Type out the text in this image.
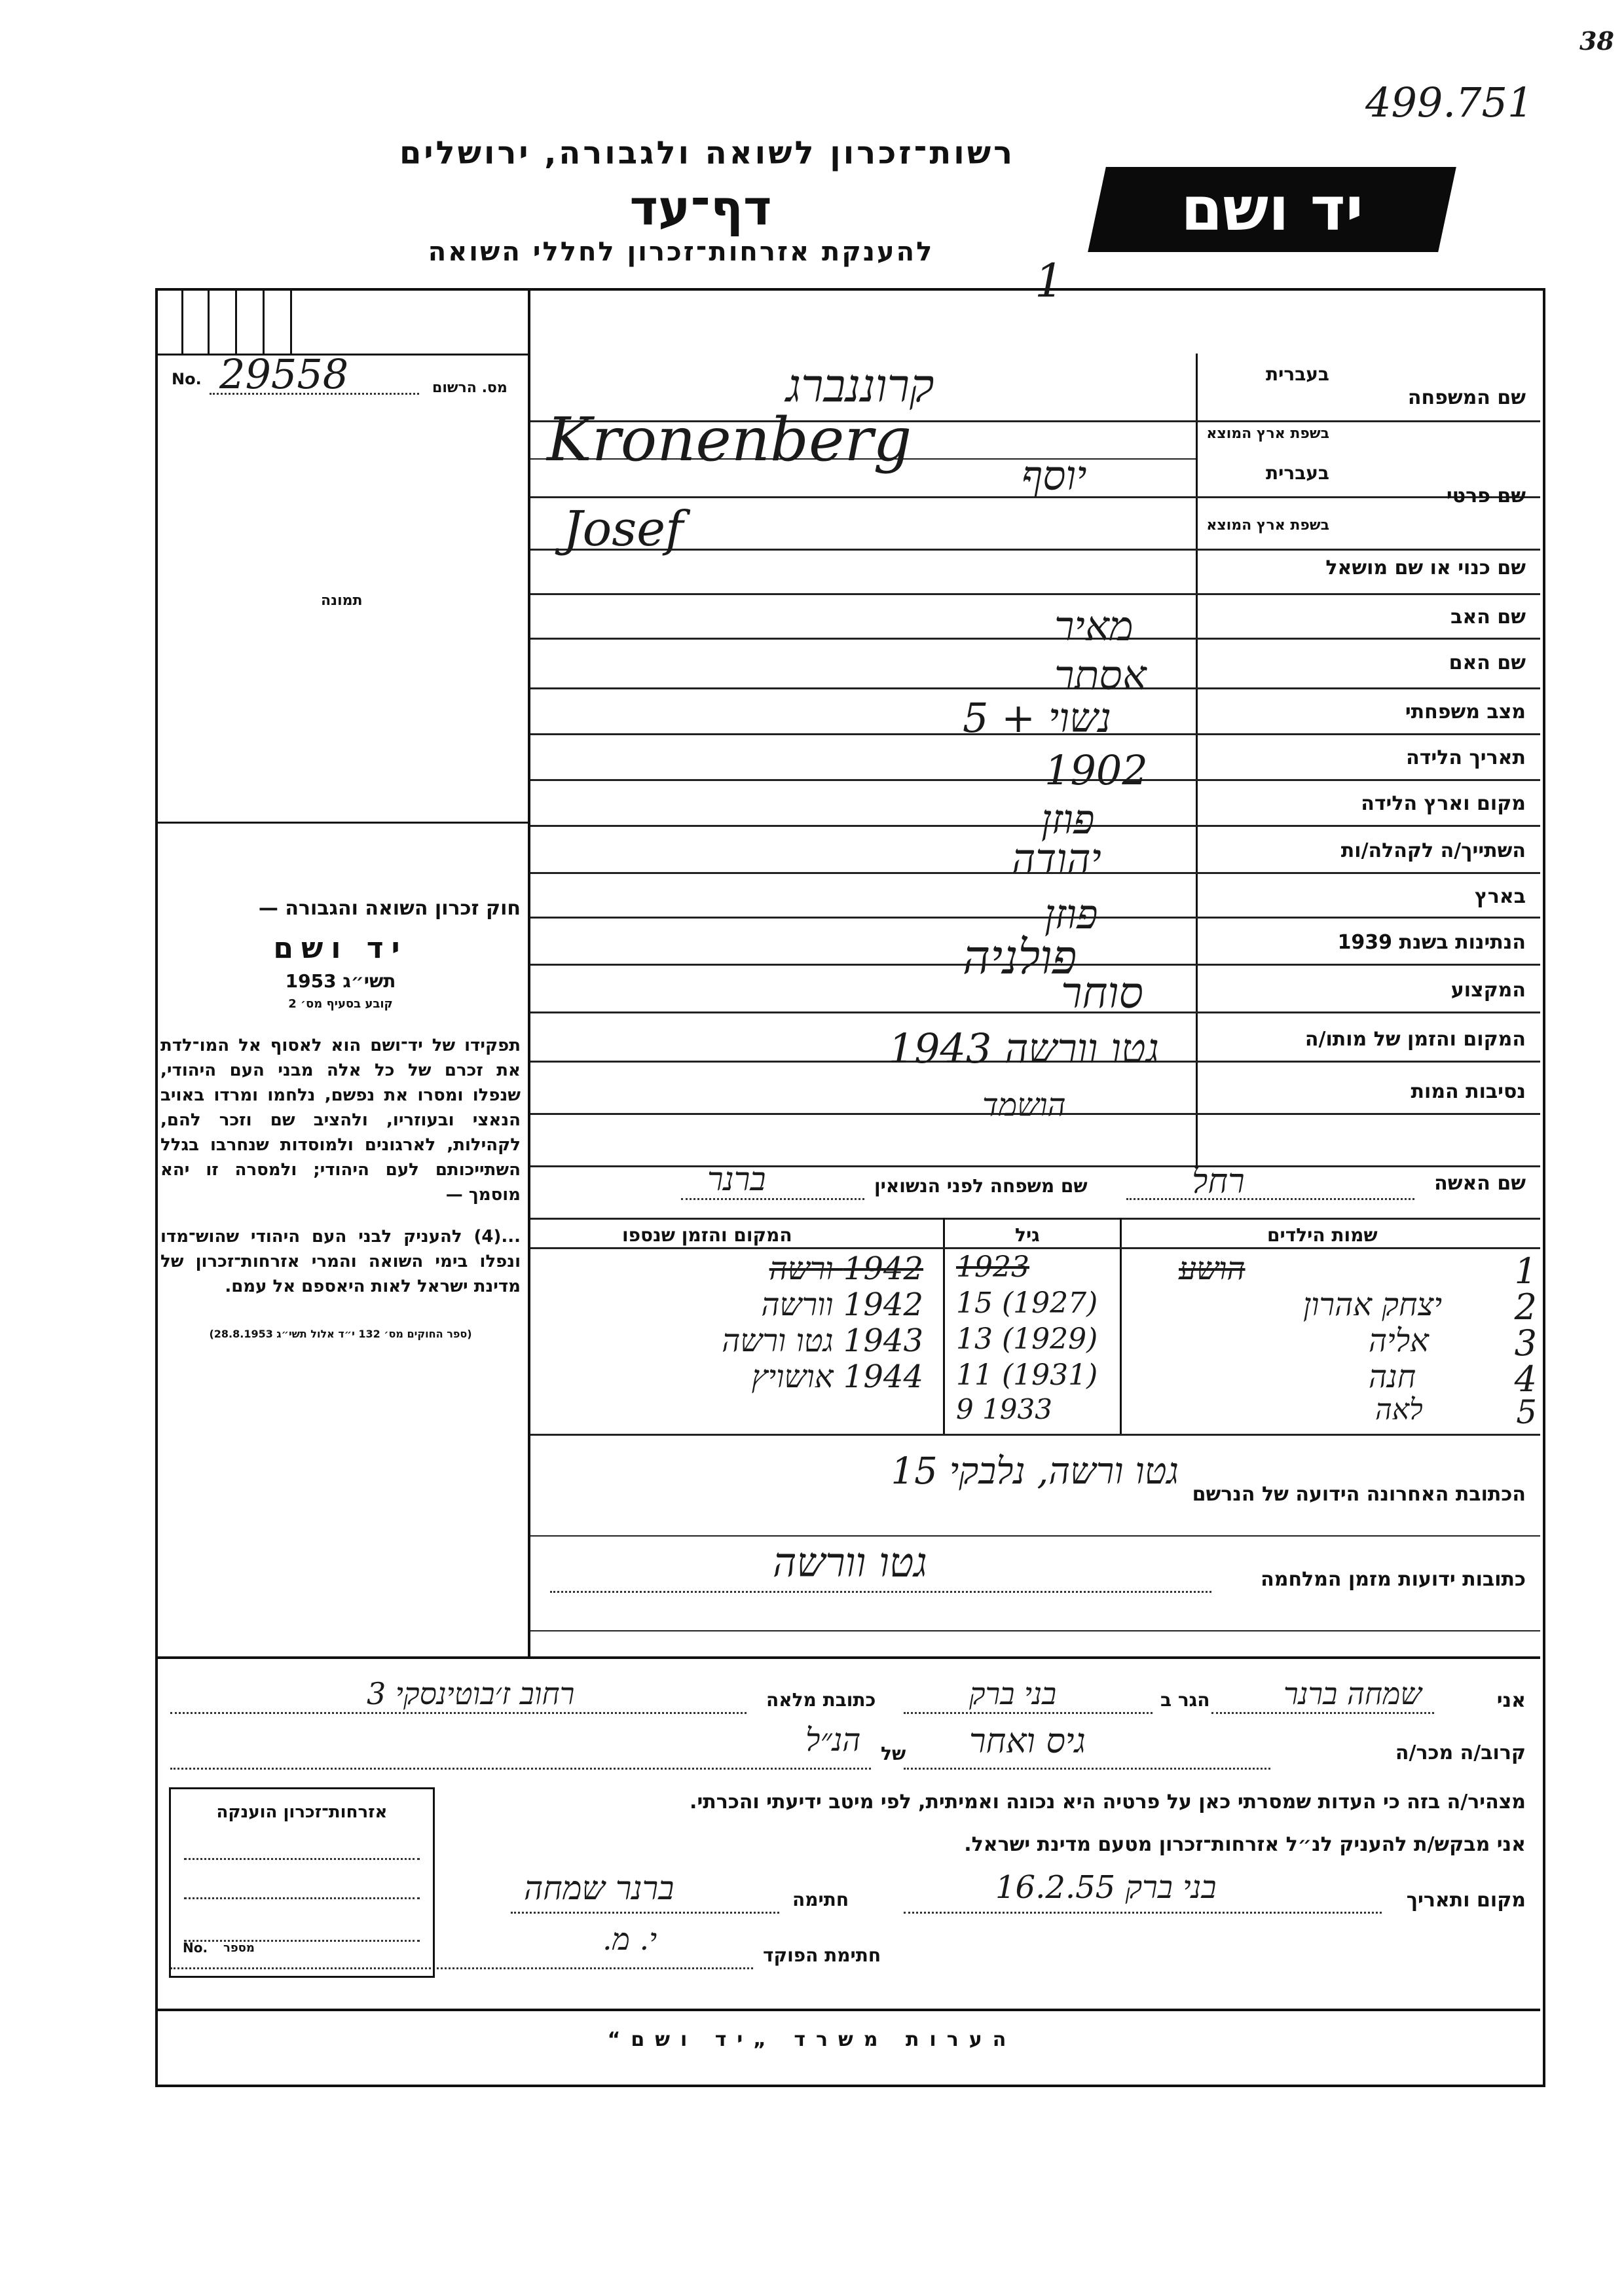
38
499.751
רשות־זכרון לשואה ולגבורה, ירושלים
דף־עד
להענקת אזרחות־זכרון לחללי השואה
יד ושם
1
No. 29558	מס. הרשום
תמונה
חוק זכרון השואה והגבורה —
יד ושם
תשי״ג 1953
קובע בסעיף מס׳ 2
תפקידו של יד־ושם הוא לאסוף אל המו־לדת את זכרם של כל אלה מבני העם היהודי, שנפלו ומסרו את נפשם, נלחמו ומרדו באויב הנאצי ובעוזריו, ולהציב שם וזכר להם, לקהילות, לארגונים ולמוסדות שנחרבו בגלל השתייכותם לעם היהודי; ולמסרה זו יהא מוסמך —
...(4) להעניק לבני העם היהודי שהוש־מדו ונפלו בימי השואה והמרי אזרחות־זכרון של מדינת ישראל לאות היאספם אל עמם.
(ספר החוקים מס׳ 132 י״ד אלול תשי״ג 28.8.1953)
שם המשפחה
בעברית
בשפת ארץ המוצא
קרוננברג
Kronenberg
שם פרטי
בעברית
בשפת ארץ המוצא
יוסף
Josef
שם כנוי או שם מושאל
שם האב
מאיר
שם האם
אסתר
מצב משפחתי
נשוי + 5
תאריך הלידה
1902
מקום וארץ הלידה
פוזן
השתייך/ה לקהלה/ות
יהודה
בארץ
פוזן
הנתינות בשנת 1939
פולניה
המקצוע
סוחר
המקום והזמן של מותו/ה
גטו וורשה 1943
נסיבות המות
הושמד
שם האשה
רחל
שם משפחה לפני הנשואין
ברנר
שמות הילדים
גיל
המקום והזמן שנספו
1
הושע
1923
1942 ורשה
2
יצחק אהרון
15 (1927)
1942 וורשה
3
אליה
13 (1929)
1943 גטו ורשה
4
חנה
11 (1931)
1944 אושויץ
5
לאה
9 1933
גטו ורשה, נלבקי 15
הכתובת האחרונה הידועה של הנרשם
גטו וורשה	כתובות ידועות מזמן המלחמה
אני
שמחה ברנר
הגר ב
בני ברק
כתובת מלאה
רחוב ז׳בוטינסקי 3
קרוב/ה מכר/ה
גיס ואחר
של
הנ״ל
מצהיר/ה בזה כי העדות שמסרתי כאן על פרטיה היא נכונה ואמיתית, לפי מיטב ידיעתי והכרתי.
אני מבקש/ת להעניק לנ״ל אזרחות־זכרון מטעם מדינת ישראל.
מקום ותאריך
בני ברק 16.2.55
חתימה
ברנר שמחה
חתימת הפוקד
י. מ.
אזרחות־זכרון הוענקה
No. מספר
הערות משרד „יד ושם“
